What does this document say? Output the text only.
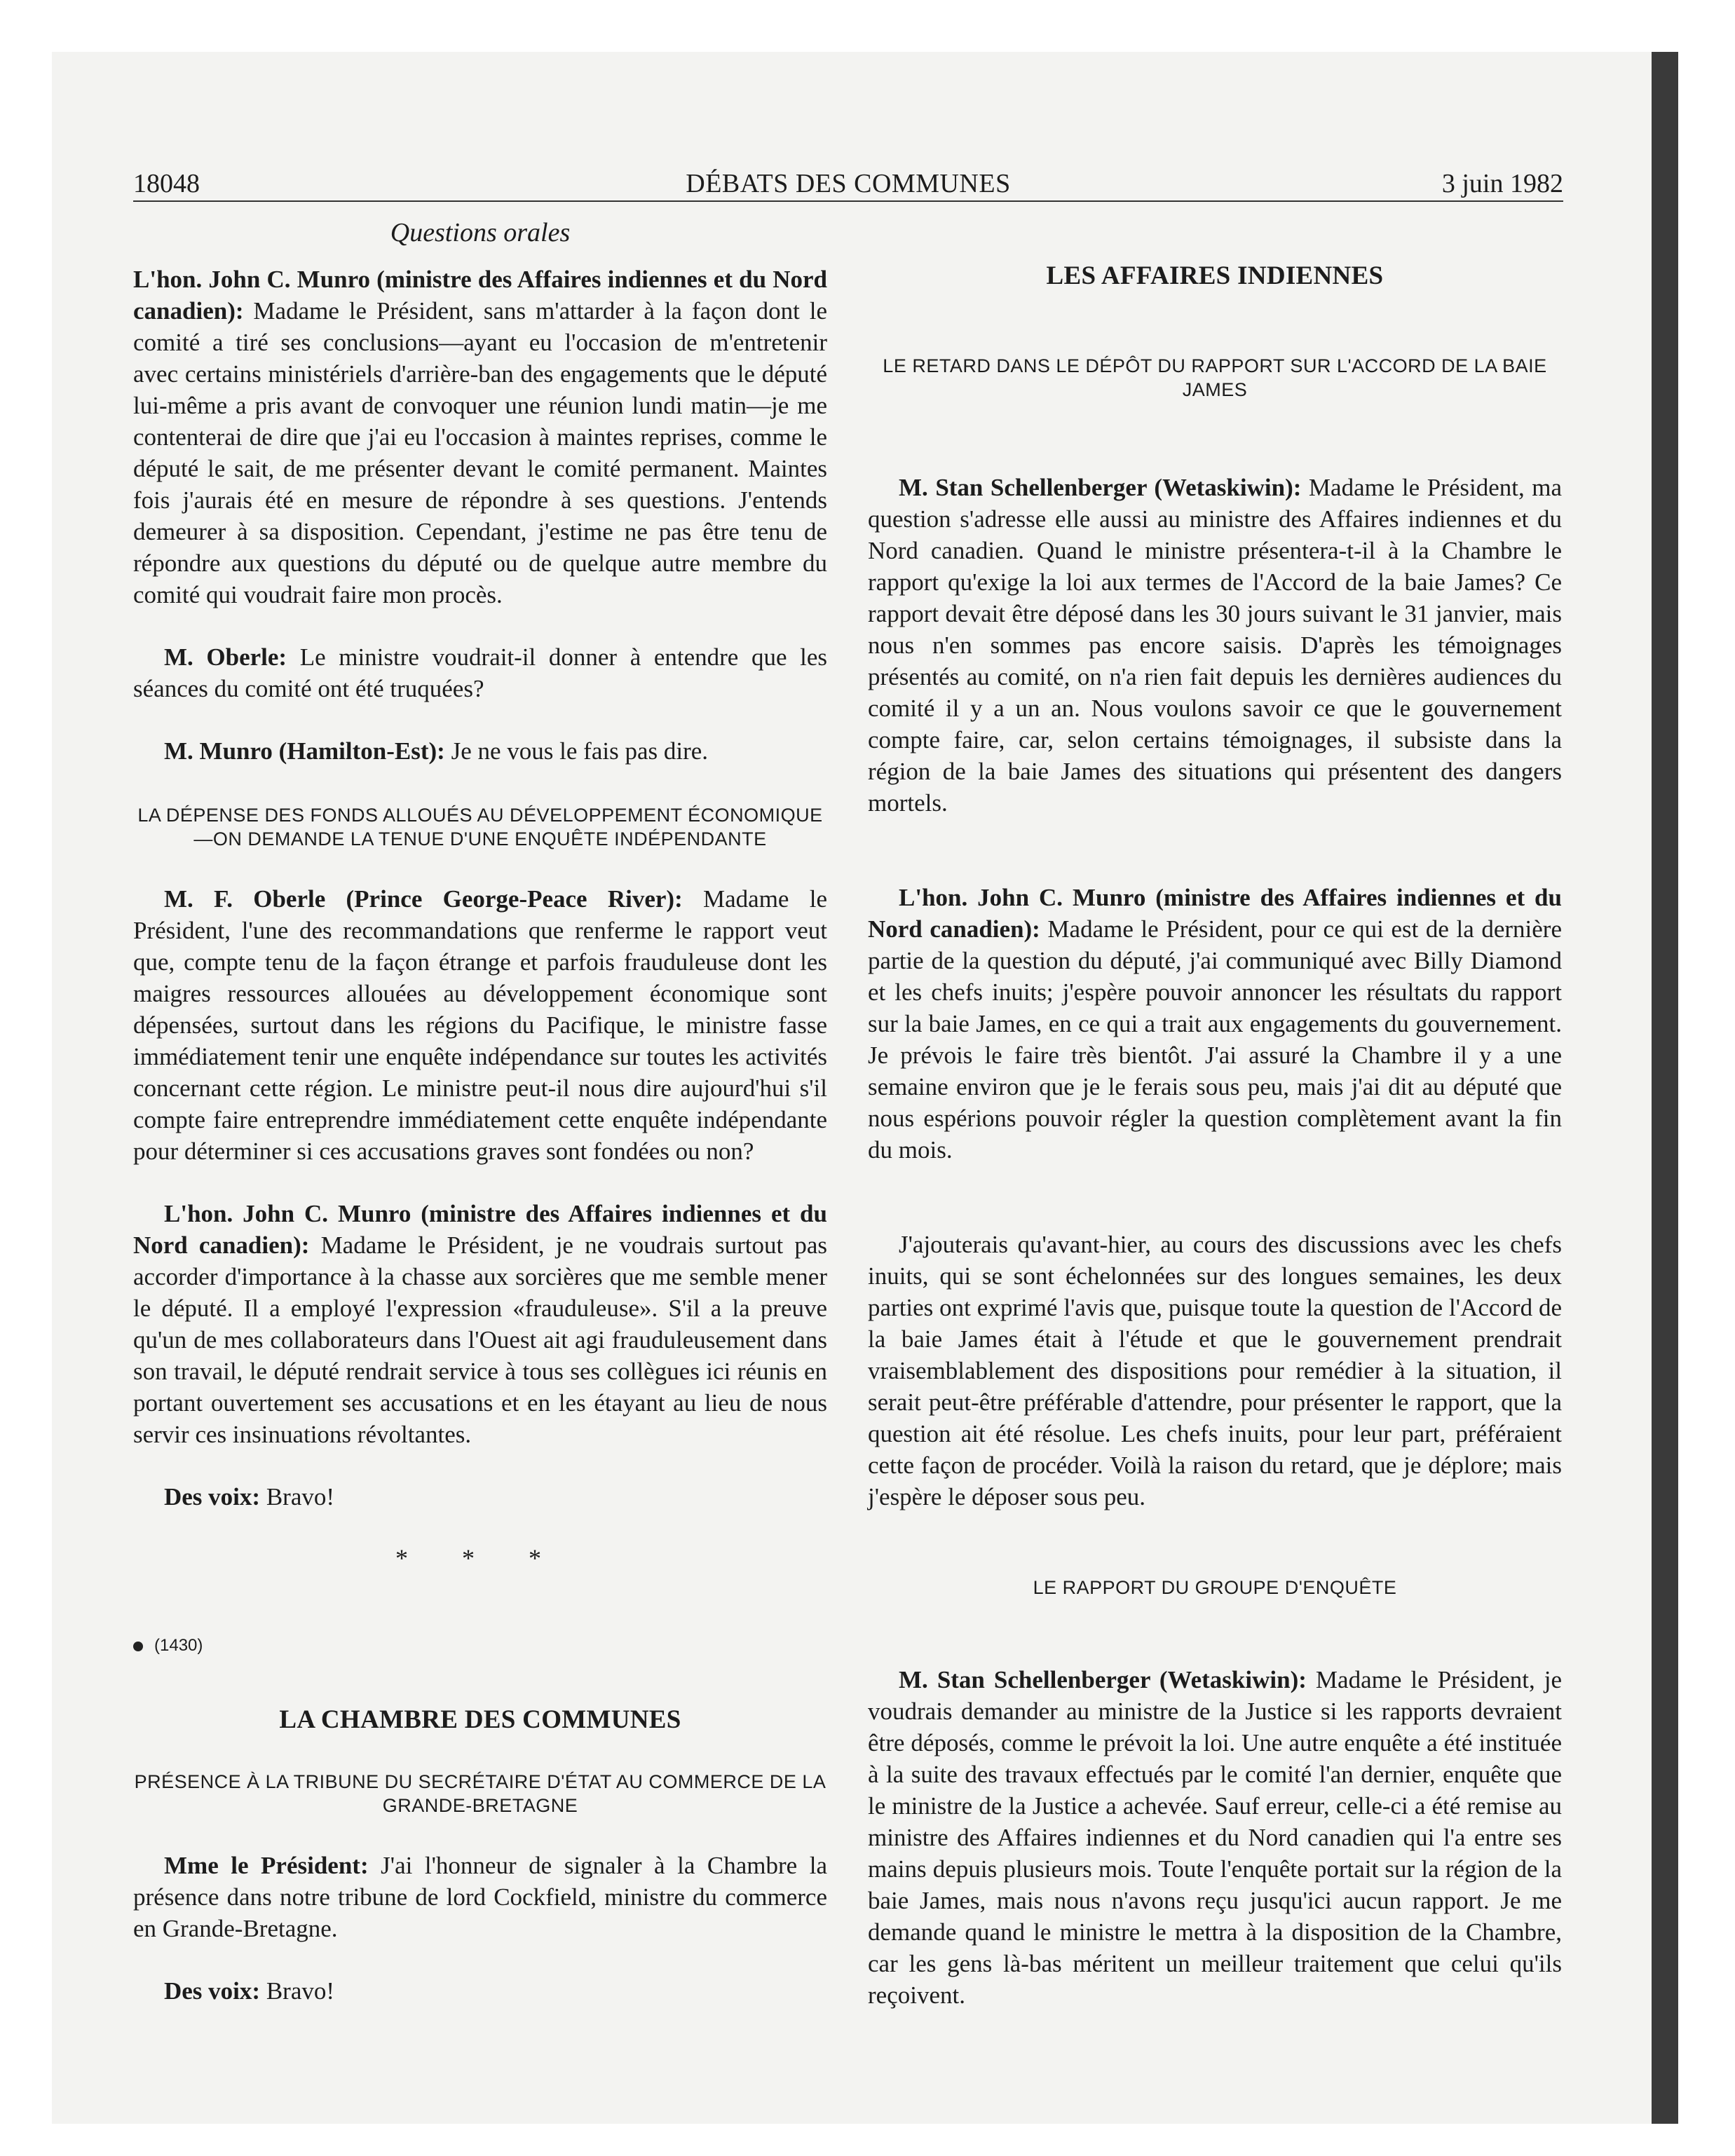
18048	DÉBATS DES COMMUNES	3 juin 1982
Questions orales

L'hon. John C. Munro (ministre des Affaires indiennes et du Nord canadien): Madame le Président, sans m'attarder à la façon dont le comité a tiré ses conclusions—ayant eu l'occasion de m'entretenir avec certains ministériels d'arrière-ban des engagements que le député lui-même a pris avant de convoquer une réunion lundi matin—je me contenterai de dire que j'ai eu l'occasion à maintes reprises, comme le député le sait, de me présenter devant le comité permanent. Maintes fois j'aurais été en mesure de répondre à ses questions. J'entends demeurer à sa disposition. Cependant, j'estime ne pas être tenu de répondre aux questions du député ou de quelque autre membre du comité qui voudrait faire mon procès.

M. Oberle: Le ministre voudrait-il donner à entendre que les séances du comité ont été truquées?

M. Munro (Hamilton-Est): Je ne vous le fais pas dire.

LA DÉPENSE DES FONDS ALLOUÉS AU DÉVELOPPEMENT ÉCONOMIQUE—ON DEMANDE LA TENUE D'UNE ENQUÊTE INDÉPENDANTE

M. F. Oberle (Prince George-Peace River): Madame le Président, l'une des recommandations que renferme le rapport veut que, compte tenu de la façon étrange et parfois frauduleuse dont les maigres ressources allouées au développement économique sont dépensées, surtout dans les régions du Pacifique, le ministre fasse immédiatement tenir une enquête indépendance sur toutes les activités concernant cette région. Le ministre peut-il nous dire aujourd'hui s'il compte faire entreprendre immédiatement cette enquête indépendante pour déterminer si ces accusations graves sont fondées ou non?

L'hon. John C. Munro (ministre des Affaires indiennes et du Nord canadien): Madame le Président, je ne voudrais surtout pas accorder d'importance à la chasse aux sorcières que me semble mener le député. Il a employé l'expression «frauduleuse». S'il a la preuve qu'un de mes collaborateurs dans l'Ouest ait agi frauduleusement dans son travail, le député rendrait service à tous ses collègues ici réunis en portant ouvertement ses accusations et en les étayant au lieu de nous servir ces insinuations révoltantes.

Des voix: Bravo!

* * *
(1430)
LA CHAMBRE DES COMMUNES
PRÉSENCE À LA TRIBUNE DU SECRÉTAIRE D'ÉTAT AU COMMERCE DE LA GRANDE-BRETAGNE

Mme le Président: J'ai l'honneur de signaler à la Chambre la présence dans notre tribune de lord Cockfield, ministre du commerce en Grande-Bretagne.

Des voix: Bravo!

LES AFFAIRES INDIENNES
LE RETARD DANS LE DÉPÔT DU RAPPORT SUR L'ACCORD DE LA BAIE JAMES

M. Stan Schellenberger (Wetaskiwin): Madame le Président, ma question s'adresse elle aussi au ministre des Affaires indiennes et du Nord canadien. Quand le ministre présentera-t-il à la Chambre le rapport qu'exige la loi aux termes de l'Accord de la baie James? Ce rapport devait être déposé dans les 30 jours suivant le 31 janvier, mais nous n'en sommes pas encore saisis. D'après les témoignages présentés au comité, on n'a rien fait depuis les dernières audiences du comité il y a un an. Nous voulons savoir ce que le gouvernement compte faire, car, selon certains témoignages, il subsiste dans la région de la baie James des situations qui présentent des dangers mortels.

L'hon. John C. Munro (ministre des Affaires indiennes et du Nord canadien): Madame le Président, pour ce qui est de la dernière partie de la question du député, j'ai communiqué avec Billy Diamond et les chefs inuits; j'espère pouvoir annoncer les résultats du rapport sur la baie James, en ce qui a trait aux engagements du gouvernement. Je prévois le faire très bientôt. J'ai assuré la Chambre il y a une semaine environ que je le ferais sous peu, mais j'ai dit au député que nous espérions pouvoir régler la question complètement avant la fin du mois.

J'ajouterais qu'avant-hier, au cours des discussions avec les chefs inuits, qui se sont échelonnées sur des longues semaines, les deux parties ont exprimé l'avis que, puisque toute la question de l'Accord de la baie James était à l'étude et que le gouvernement prendrait vraisemblablement des dispositions pour remédier à la situation, il serait peut-être préférable d'attendre, pour présenter le rapport, que la question ait été résolue. Les chefs inuits, pour leur part, préféraient cette façon de procéder. Voilà la raison du retard, que je déplore; mais j'espère le déposer sous peu.

LE RAPPORT DU GROUPE D'ENQUÊTE

M. Stan Schellenberger (Wetaskiwin): Madame le Président, je voudrais demander au ministre de la Justice si les rapports devraient être déposés, comme le prévoit la loi. Une autre enquête a été instituée à la suite des travaux effectués par le comité l'an dernier, enquête que le ministre de la Justice a achevée. Sauf erreur, celle-ci a été remise au ministre des Affaires indiennes et du Nord canadien qui l'a entre ses mains depuis plusieurs mois. Toute l'enquête portait sur la région de la baie James, mais nous n'avons reçu jusqu'ici aucun rapport. Je me demande quand le ministre le mettra à la disposition de la Chambre, car les gens là-bas méritent un meilleur traitement que celui qu'ils reçoivent.
